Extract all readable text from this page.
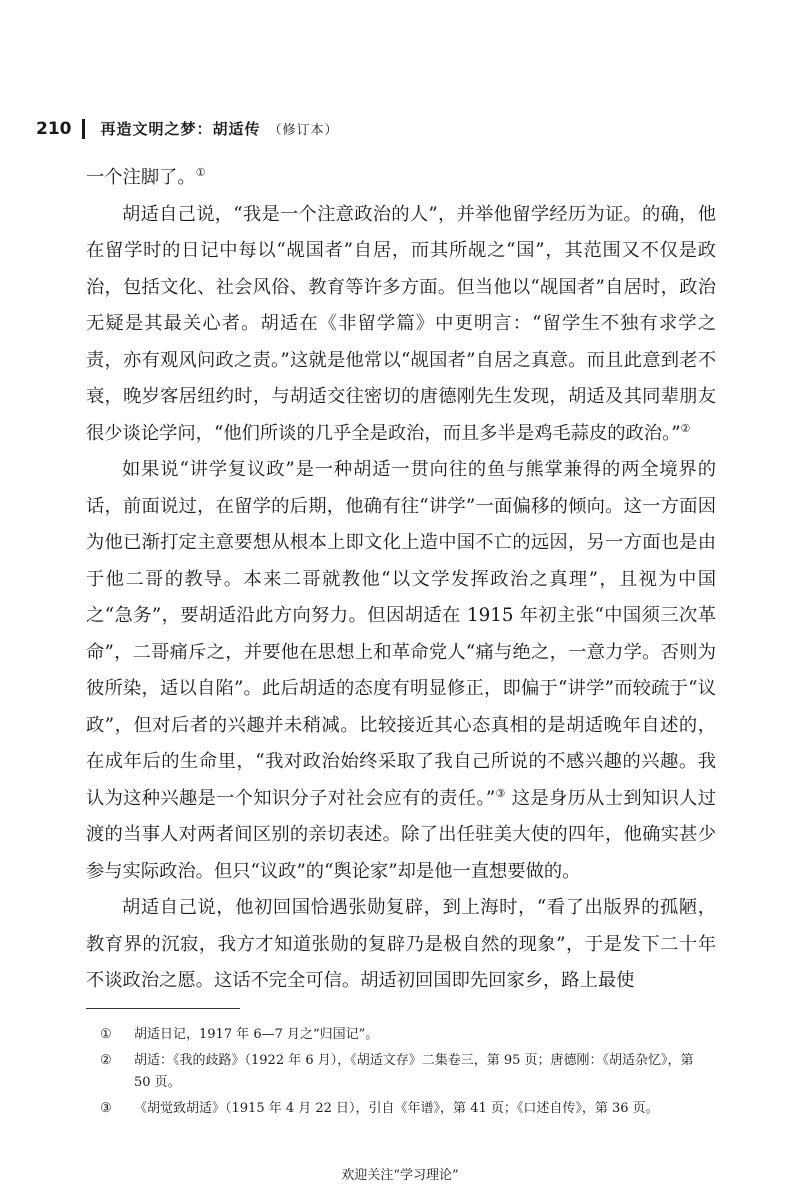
210 再造文明之梦：胡适传 （修订本）

一个注脚了。①

胡适自己说，“我是一个注意政治的人”，并举他留学经历为证。的确，他在留学时的日记中每以“觇国者”自居，而其所觇之“国”，其范围又不仅是政治，包括文化、社会风俗、教育等许多方面。但当他以“觇国者”自居时，政治无疑是其最关心者。胡适在《非留学篇》中更明言：“留学生不独有求学之责，亦有观风问政之责。”这就是他常以“觇国者”自居之真意。而且此意到老不衰，晚岁客居纽约时，与胡适交往密切的唐德刚先生发现，胡适及其同辈朋友很少谈论学问，“他们所谈的几乎全是政治，而且多半是鸡毛蒜皮的政治。”②

如果说“讲学复议政”是一种胡适一贯向往的鱼与熊掌兼得的两全境界的话，前面说过，在留学的后期，他确有往“讲学”一面偏移的倾向。这一方面因为他已渐打定主意要想从根本上即文化上造中国不亡的远因，另一方面也是由于他二哥的教导。本来二哥就教他“以文学发挥政治之真理”，且视为中国之“急务”，要胡适沿此方向努力。但因胡适在 1915 年初主张“中国须三次革命”，二哥痛斥之，并要他在思想上和革命党人“痛与绝之，一意力学。否则为彼所染，适以自陷”。此后胡适的态度有明显修正，即偏于“讲学”而较疏于“议政”，但对后者的兴趣并未稍减。比较接近其心态真相的是胡适晚年自述的，在成年后的生命里，“我对政治始终采取了我自己所说的不感兴趣的兴趣。我认为这种兴趣是一个知识分子对社会应有的责任。”③ 这是身历从士到知识人过渡的当事人对两者间区别的亲切表述。除了出任驻美大使的四年，他确实甚少参与实际政治。但只“议政”的“舆论家”却是他一直想要做的。

胡适自己说，他初回国恰遇张勋复辟，到上海时，“看了出版界的孤陋，教育界的沉寂，我方才知道张勋的复辟乃是极自然的现象”，于是发下二十年不谈政治之愿。这话不完全可信。胡适初回国即先回家乡，路上最使

①	胡适日记，1917 年 6—7 月之“归国记”。
②	胡适：《我的歧路》（1922 年 6 月），《胡适文存》二集卷三，第 95 页；唐德刚：《胡适杂忆》，第 50 页。
③	《胡觉致胡适》（1915 年 4 月 22 日），引自《年谱》，第 41 页；《口述自传》，第 36 页。
欢迎关注“学习理论”
